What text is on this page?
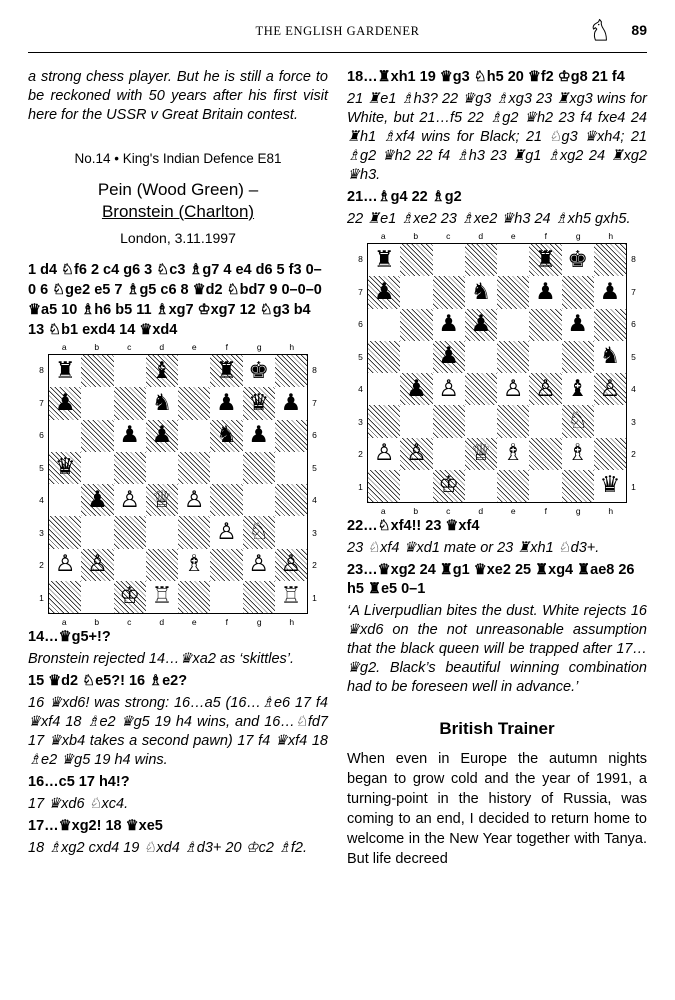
THE ENGLISH GARDENER	89

a strong chess player. But he is still a force to be reckoned with 50 years after his first visit here for the USSR v Great Britain contest.

No.14 • King's Indian Defence E81
Pein (Wood Green) –
Bronstein (Charlton)
London, 3.11.1997

1 d4 ♘f6 2 c4 g6 3 ♘c3 ♗g7 4 e4 d6 5 f3 0–0 6 ♘ge2 e5 7 ♗g5 c6 8 ♛d2 ♘bd7 9 0–0–0 ♛a5 10 ♗h6 b5 11 ♗xg7 ♔xg7 12 ♘g3 b4 13 ♘b1 exd4 14 ♛xd4

a	b	c	d	e	f	g	h
♜	♝ ♜ ♚
♟	♞ ♟ ♛ ♟
♟ ♟ ♞ ♟
♛
♟ ♙ ♕ ♙
♙ ♘
♙ ♙	♗ ♙ ♙
♔ ♖	♖
8
7
6
5
4
3
2
1
8
7
6
5
4
3
2
1
a	b	c	d	e	f	g	h

14…♛g5+!?

Bronstein rejected 14…♛xa2 as ‘skittles’.

15 ♛d2 ♘e5?! 16 ♗e2?

16 ♛xd6! was strong: 16…a5 (16…♗e6 17 f4 ♛xf4 18 ♗e2 ♛g5 19 h4 wins, and 16…♘fd7 17 ♛xb4 takes a second pawn) 17 f4 ♛xf4 18 ♗e2 ♛g5 19 h4 wins.

16…c5 17 h4!?

17 ♛xd6 ♘xc4.

17…♛xg2! 18 ♛xe5

18 ♗xg2 cxd4 19 ♘xd4 ♗d3+ 20 ♔c2 ♗f2.

18…♜xh1 19 ♛g3 ♘h5 20 ♛f2 ♔g8 21 f4

21 ♜e1 ♗h3? 22 ♛g3 ♗xg3 23 ♜xg3 wins for White, but 21…f5 22 ♗g2 ♛h2 23 f4 fxe4 24 ♜h1 ♗xf4 wins for Black; 21 ♘g3 ♛xh4; 21 ♗g2 ♛h2 22 f4 ♗h3 23 ♜g1 ♗xg2 24 ♜xg2 ♛h3.

21…♗g4 22 ♗g2

22 ♜e1 ♗xe2 23 ♗xe2 ♛h3 24 ♗xh5 gxh5.

a	b	c	d	e	f	g	h
♜	♜ ♚
♟	♞ ♟ ♟
♟ ♟	♟
♟	♞
♟ ♙ ♙ ♙ ♝ ♙
♘
♙ ♙ ♕ ♗ ♗
♔	♛
8
7
6
5
4
3
2
1
8
7
6
5
4
3
2
1
a	b	c	d	e	f	g	h

22…♘xf4!! 23 ♛xf4

23 ♘xf4 ♛xd1 mate or 23 ♜xh1 ♘d3+.

23…♛xg2 24 ♜g1 ♛xe2 25 ♜xg4 ♜ae8 26 h5 ♜e5 0–1

‘A Liverpudlian bites the dust. White rejects 16 ♛xd6 on the not unreasonable assumption that the black queen will be trapped after 17…♛g2. Black’s beautiful winning combination had to be foreseen well in advance.’

British Trainer

When even in Europe the autumn nights began to grow cold and the year of 1991, a turning-point in the history of Russia, was coming to an end, I decided to return home to welcome in the New Year together with Tanya. But life decreed
